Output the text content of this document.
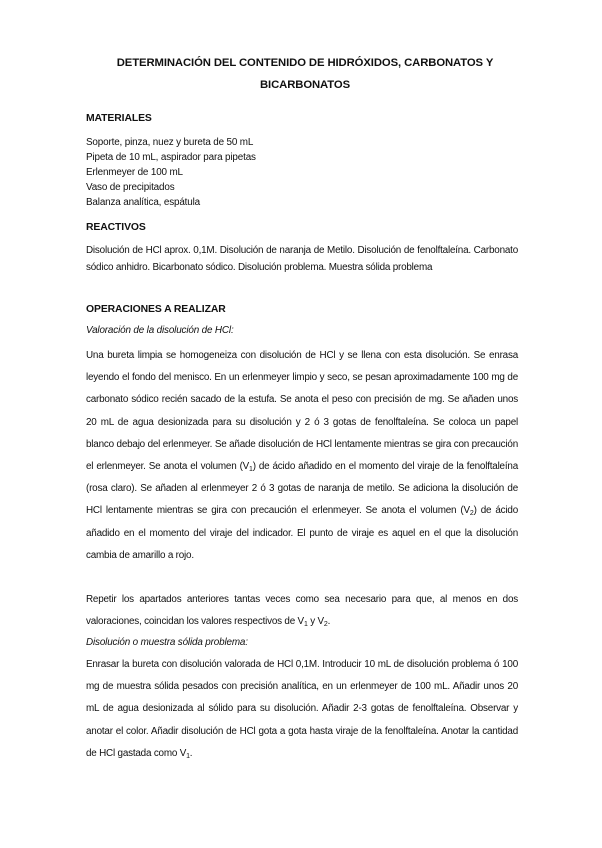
DETERMINACIÓN DEL CONTENIDO DE HIDRÓXIDOS, CARBONATOS Y
BICARBONATOS
MATERIALES
Soporte, pinza, nuez y bureta de 50 mL
Pipeta de 10 mL, aspirador para pipetas
Erlenmeyer de 100 mL
Vaso de precipitados
Balanza analítica, espátula
REACTIVOS
Disolución de HCl aprox. 0,1M. Disolución de naranja de Metilo. Disolución de fenolftaleína. Carbonato sódico anhidro. Bicarbonato sódico. Disolución problema. Muestra sólida problema
OPERACIONES A REALIZAR
Valoración de la disolución de HCl:
Una bureta limpia se homogeneiza con disolución de HCl y se llena con esta disolución. Se enrasa leyendo el fondo del menisco. En un erlenmeyer limpio y seco, se pesan aproximadamente 100 mg de carbonato sódico recién sacado de la estufa. Se anota el peso con precisión de mg. Se añaden unos 20 mL de agua desionizada para su disolución y 2 ó 3 gotas de fenolftaleína. Se coloca un papel blanco debajo del erlenmeyer. Se añade disolución de HCl lentamente mientras se gira con precaución el erlenmeyer. Se anota el volumen $(V_1)$ de ácido añadido en el momento del viraje de la fenolftaleína (rosa claro). Se añaden al erlenmeyer 2 ó 3 gotas de naranja de metilo. Se adiciona la disolución de HCl lentamente mientras se gira con precaución el erlenmeyer. Se anota el volumen $(V_2)$ de ácido añadido en el momento del viraje del indicador. El punto de viraje es aquel en el que la disolución cambia de amarillo a rojo.
Repetir los apartados anteriores tantas veces como sea necesario para que, al menos en dos valoraciones, coincidan los valores respectivos de $V_1$ y $V_2$.
Disolución o muestra sólida problema:
Enrasar la bureta con disolución valorada de HCl 0,1M. Introducir 10 mL de disolución problema ó 100 mg de muestra sólida pesados con precisión analítica, en un erlenmeyer de 100 mL. Añadir unos 20 mL de agua desionizada al sólido para su disolución. Añadir 2-3 gotas de fenolftaleína. Observar y anotar el color. Añadir disolución de HCl gota a gota hasta viraje de la fenolftaleína. Anotar la cantidad de HCl gastada como $V_1$.
